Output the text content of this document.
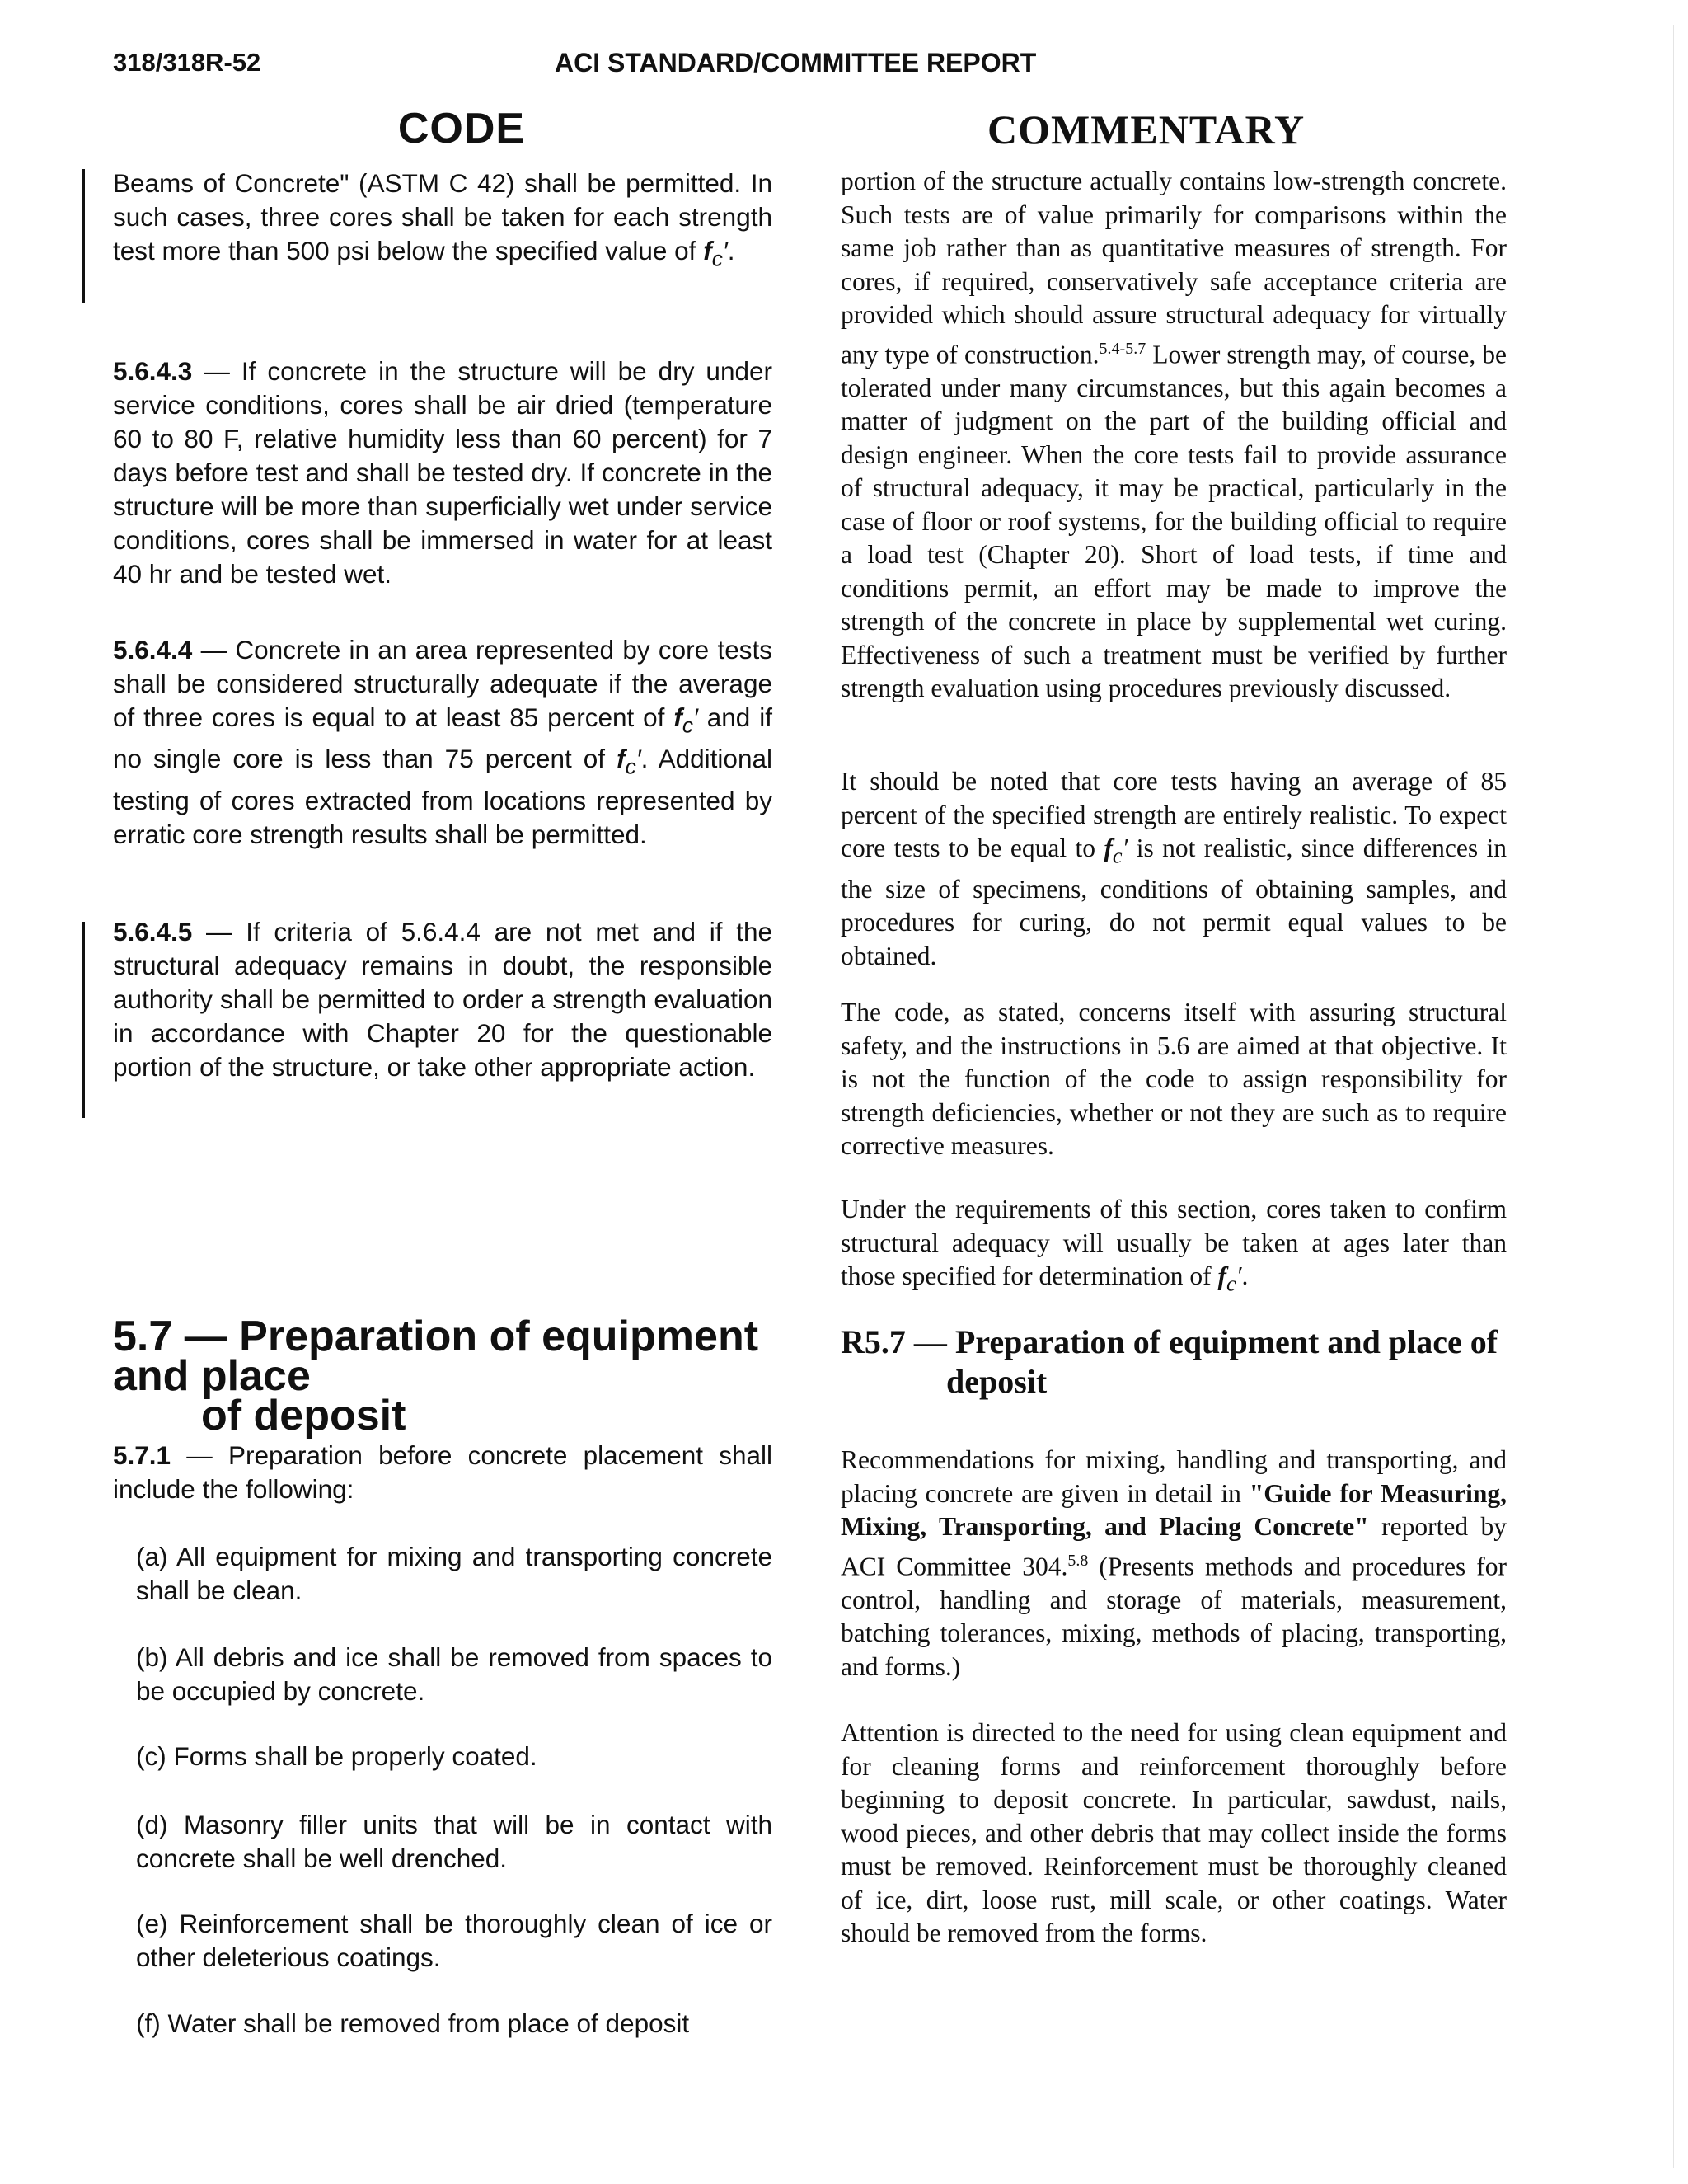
318/318R-52	ACI STANDARD/COMMITTEE REPORT
CODE	COMMENTARY

Beams of Concrete" (ASTM C 42) shall be permitted. In such cases, three cores shall be taken for each strength test more than 500 psi below the specified value of $f_c'$.

5.6.4.3 — If concrete in the structure will be dry under service conditions, cores shall be air dried (temperature 60 to 80 F, relative humidity less than 60 percent) for 7 days before test and shall be tested dry. If concrete in the structure will be more than superficially wet under service conditions, cores shall be immersed in water for at least 40 hr and be tested wet.

5.6.4.4 — Concrete in an area represented by core tests shall be considered structurally adequate if the average of three cores is equal to at least 85 percent of $f_c'$ and if no single core is less than 75 percent of $f_c'$. Additional testing of cores extracted from locations represented by erratic core strength results shall be permitted.

5.6.4.5 — If criteria of 5.6.4.4 are not met and if the structural adequacy remains in doubt, the responsible authority shall be permitted to order a strength evaluation in accordance with Chapter 20 for the questionable portion of the structure, or take other appropriate action.

5.7 — Preparation of equipment and place
of deposit

5.7.1 — Preparation before concrete placement shall include the following:

(a) All equipment for mixing and transporting concrete shall be clean.
(b) All debris and ice shall be removed from spaces to be occupied by concrete.
(c) Forms shall be properly coated.
(d) Masonry filler units that will be in contact with concrete shall be well drenched.
(e) Reinforcement shall be thoroughly clean of ice or other deleterious coatings.
(f) Water shall be removed from place of deposit

portion of the structure actually contains low-strength concrete. Such tests are of value primarily for comparisons within the same job rather than as quantitative measures of strength. For cores, if required, conservatively safe acceptance criteria are provided which should assure structural adequacy for virtually any type of construction.$^{5.4-5.7}$ Lower strength may, of course, be tolerated under many circumstances, but this again becomes a matter of judgment on the part of the building official and design engineer. When the core tests fail to provide assurance of structural adequacy, it may be practical, particularly in the case of floor or roof systems, for the building official to require a load test (Chapter 20). Short of load tests, if time and conditions permit, an effort may be made to improve the strength of the concrete in place by supplemental wet curing. Effectiveness of such a treatment must be verified by further strength evaluation using procedures previously discussed.

It should be noted that core tests having an average of 85 percent of the specified strength are entirely realistic. To expect core tests to be equal to $f_c'$ is not realistic, since differences in the size of specimens, conditions of obtaining samples, and procedures for curing, do not permit equal values to be obtained.

The code, as stated, concerns itself with assuring structural safety, and the instructions in 5.6 are aimed at that objective. It is not the function of the code to assign responsibility for strength deficiencies, whether or not they are such as to require corrective measures.

Under the requirements of this section, cores taken to confirm structural adequacy will usually be taken at ages later than those specified for determination of $f_c'$.

R5.7 — Preparation of equipment and place of
deposit

Recommendations for mixing, handling and transporting, and placing concrete are given in detail in "Guide for Measuring, Mixing, Transporting, and Placing Concrete" reported by ACI Committee 304.$^{5.8}$ (Presents methods and procedures for control, handling and storage of materials, measurement, batching tolerances, mixing, methods of placing, transporting, and forms.)

Attention is directed to the need for using clean equipment and for cleaning forms and reinforcement thoroughly before beginning to deposit concrete. In particular, sawdust, nails, wood pieces, and other debris that may collect inside the forms must be removed. Reinforcement must be thoroughly cleaned of ice, dirt, loose rust, mill scale, or other coatings. Water should be removed from the forms.
